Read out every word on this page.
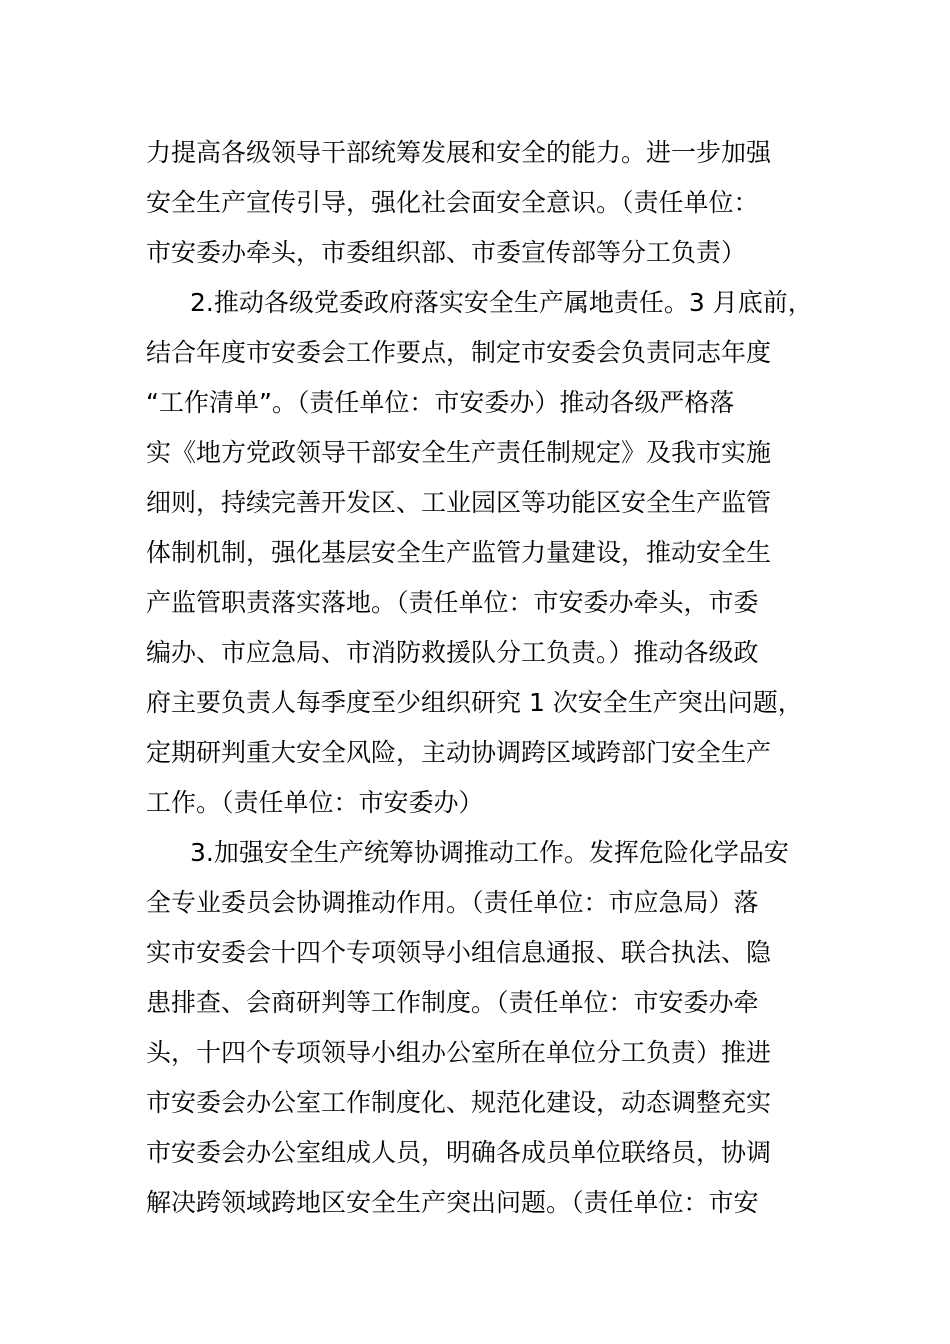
力提高各级领导干部统筹发展和安全的能力。进一步加强
安全生产宣传引导，强化社会面安全意识。（责任单位：
市安委办牵头，市委组织部、市委宣传部等分工负责）
2.推动各级党委政府落实安全生产属地责任。3 月底前，
结合年度市安委会工作要点，制定市安委会负责同志年度
“工作清单”。（责任单位：市安委办）推动各级严格落
实《地方党政领导干部安全生产责任制规定》及我市实施
细则，持续完善开发区、工业园区等功能区安全生产监管
体制机制，强化基层安全生产监管力量建设，推动安全生
产监管职责落实落地。（责任单位：市安委办牵头，市委
编办、市应急局、市消防救援队分工负责。）推动各级政
府主要负责人每季度至少组织研究 1 次安全生产突出问题，
定期研判重大安全风险，主动协调跨区域跨部门安全生产
工作。（责任单位：市安委办）
3.加强安全生产统筹协调推动工作。发挥危险化学品安
全专业委员会协调推动作用。（责任单位：市应急局）落
实市安委会十四个专项领导小组信息通报、联合执法、隐
患排查、会商研判等工作制度。（责任单位：市安委办牵
头，十四个专项领导小组办公室所在单位分工负责）推进
市安委会办公室工作制度化、规范化建设，动态调整充实
市安委会办公室组成人员，明确各成员单位联络员，协调
解决跨领域跨地区安全生产突出问题。（责任单位：市安
